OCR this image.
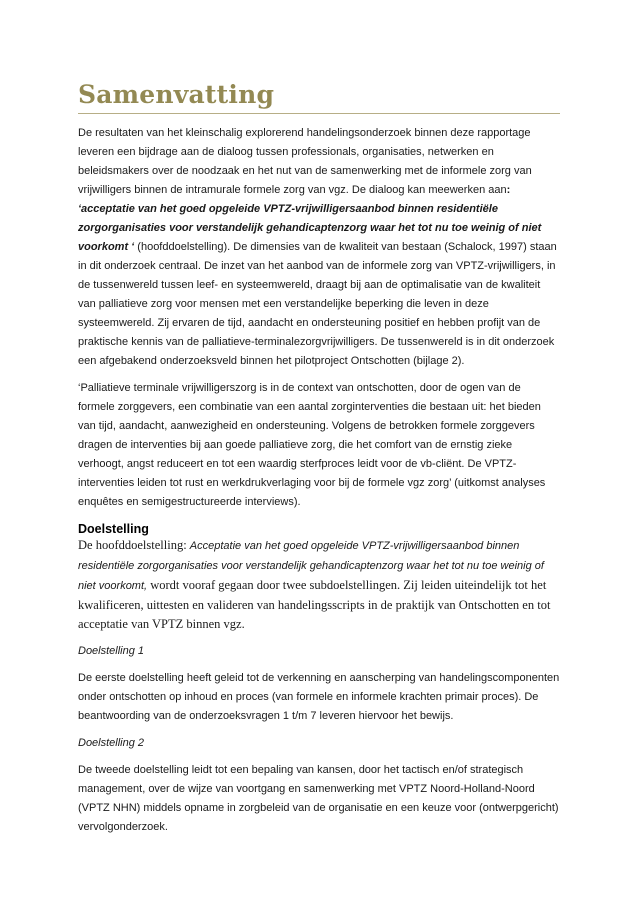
Samenvatting

De resultaten van het kleinschalig explorerend handelingsonderzoek binnen deze rapportage leveren een bijdrage aan de dialoog tussen professionals, organisaties, netwerken en beleidsmakers over de noodzaak en het nut van de samenwerking met de informele zorg van vrijwilligers binnen de intramurale formele zorg van vgz. De dialoog kan meewerken aan: ‘acceptatie van het goed opgeleide VPTZ-vrijwilligersaanbod binnen residentiële zorgorganisaties voor verstandelijk gehandicaptenzorg waar het tot nu toe weinig of niet voorkomt ‘ (hoofddoelstelling). De dimensies van de kwaliteit van bestaan (Schalock, 1997) staan in dit onderzoek centraal. De inzet van het aanbod van de informele zorg van VPTZ-vrijwilligers, in de tussenwereld tussen leef- en systeemwereld, draagt bij aan de optimalisatie van de kwaliteit van palliatieve zorg voor mensen met een verstandelijke beperking die leven in deze systeemwereld. Zij ervaren de tijd, aandacht en ondersteuning positief en hebben profijt van de praktische kennis van de palliatieve-terminalezorgvrijwilligers. De tussenwereld is in dit onderzoek een afgebakend onderzoeksveld binnen het pilotproject Ontschotten (bijlage 2).

‘Palliatieve terminale vrijwilligerszorg is in de context van ontschotten, door de ogen van de formele zorggevers, een combinatie van een aantal zorginterventies die bestaan uit: het bieden van tijd, aandacht, aanwezigheid en ondersteuning. Volgens de betrokken formele zorggevers dragen de interventies bij aan goede palliatieve zorg, die het comfort van de ernstig zieke verhoogt, angst reduceert en tot een waardig sterfproces leidt voor de vb-cliënt. De VPTZ-interventies leiden tot rust en werkdrukverlaging voor bij de formele vgz zorg’ (uitkomst analyses enquêtes en semigestructureerde interviews).

Doelstelling

De hoofddoelstelling: Acceptatie van het goed opgeleide VPTZ-vrijwilligersaanbod binnen residentiële zorgorganisaties voor verstandelijk gehandicaptenzorg waar het tot nu toe weinig of niet voorkomt, wordt vooraf gegaan door twee subdoelstellingen. Zij leiden uiteindelijk tot het kwalificeren, uittesten en valideren van handelingsscripts in de praktijk van Ontschotten en tot acceptatie van VPTZ binnen vgz.

Doelstelling 1

De eerste doelstelling heeft geleid tot de verkenning en aanscherping van handelingscomponenten onder ontschotten op inhoud en proces (van formele en informele krachten primair proces). De beantwoording van de onderzoeksvragen 1 t/m 7 leveren hiervoor het bewijs.

Doelstelling 2

De tweede doelstelling leidt tot een bepaling van kansen, door het tactisch en/of strategisch management, over de wijze van voortgang en samenwerking met VPTZ Noord-Holland-Noord (VPTZ NHN) middels opname in zorgbeleid van de organisatie en een keuze voor (ontwerpgericht) vervolgonderzoek.
